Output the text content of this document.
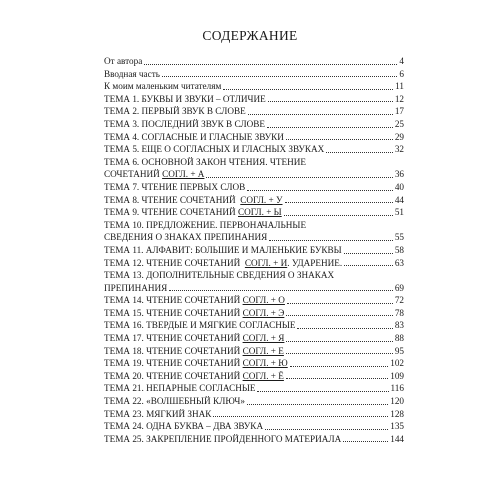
СОДЕРЖАНИЕ
От автора	4
Вводная часть	6
К моим маленьким читателям	11
ТЕМА 1. БУКВЫ И ЗВУКИ – ОТЛИЧИЕ	12
ТЕМА 2. ПЕРВЫЙ ЗВУК В СЛОВЕ	17
ТЕМА 3. ПОСЛЕДНИЙ ЗВУК В СЛОВЕ	25
ТЕМА 4. СОГЛАСНЫЕ И ГЛАСНЫЕ ЗВУКИ	29
ТЕМА 5. ЕЩЕ О СОГЛАСНЫХ И ГЛАСНЫХ ЗВУКАХ	32
ТЕМА 6. ОСНОВНОЙ ЗАКОН ЧТЕНИЯ. ЧТЕНИЕ
СОЧЕТАНИЙ СОГЛ. + А	36
ТЕМА 7. ЧТЕНИЕ ПЕРВЫХ СЛОВ	40
ТЕМА 8. ЧТЕНИЕ СОЧЕТАНИЙ  СОГЛ. + У	44
ТЕМА 9. ЧТЕНИЕ СОЧЕТАНИЙ СОГЛ. + Ы	51
ТЕМА 10. ПРЕДЛОЖЕНИЕ. ПЕРВОНАЧАЛЬНЫЕ
СВЕДЕНИЯ О ЗНАКАХ ПРЕПИНАНИЯ	55
ТЕМА 11. АЛФАВИТ: БОЛЬШИЕ И МАЛЕНЬКИЕ БУКВЫ	58
ТЕМА 12. ЧТЕНИЕ СОЧЕТАНИЙ  СОГЛ. + И. УДАРЕНИЕ.	63
ТЕМА 13. ДОПОЛНИТЕЛЬНЫЕ СВЕДЕНИЯ О ЗНАКАХ
ПРЕПИНАНИЯ	69
ТЕМА 14. ЧТЕНИЕ СОЧЕТАНИЙ СОГЛ. + О	72
ТЕМА 15. ЧТЕНИЕ СОЧЕТАНИЙ СОГЛ. + Э	78
ТЕМА 16. ТВЕРДЫЕ И МЯГКИЕ СОГЛАСНЫЕ	83
ТЕМА 17. ЧТЕНИЕ СОЧЕТАНИЙ СОГЛ. + Я	88
ТЕМА 18. ЧТЕНИЕ СОЧЕТАНИЙ СОГЛ. + Е	95
ТЕМА 19. ЧТЕНИЕ СОЧЕТАНИЙ СОГЛ. + Ю	102
ТЕМА 20. ЧТЕНИЕ СОЧЕТАНИЙ СОГЛ. + Ё	109
ТЕМА 21. НЕПАРНЫЕ СОГЛАСНЫЕ	116
ТЕМА 22. «ВОЛШЕБНЫЙ КЛЮЧ»	120
ТЕМА 23. МЯГКИЙ ЗНАК	128
ТЕМА 24. ОДНА БУКВА – ДВА ЗВУКА	135
ТЕМА 25. ЗАКРЕПЛЕНИЕ ПРОЙДЕННОГО МАТЕРИАЛА	144
